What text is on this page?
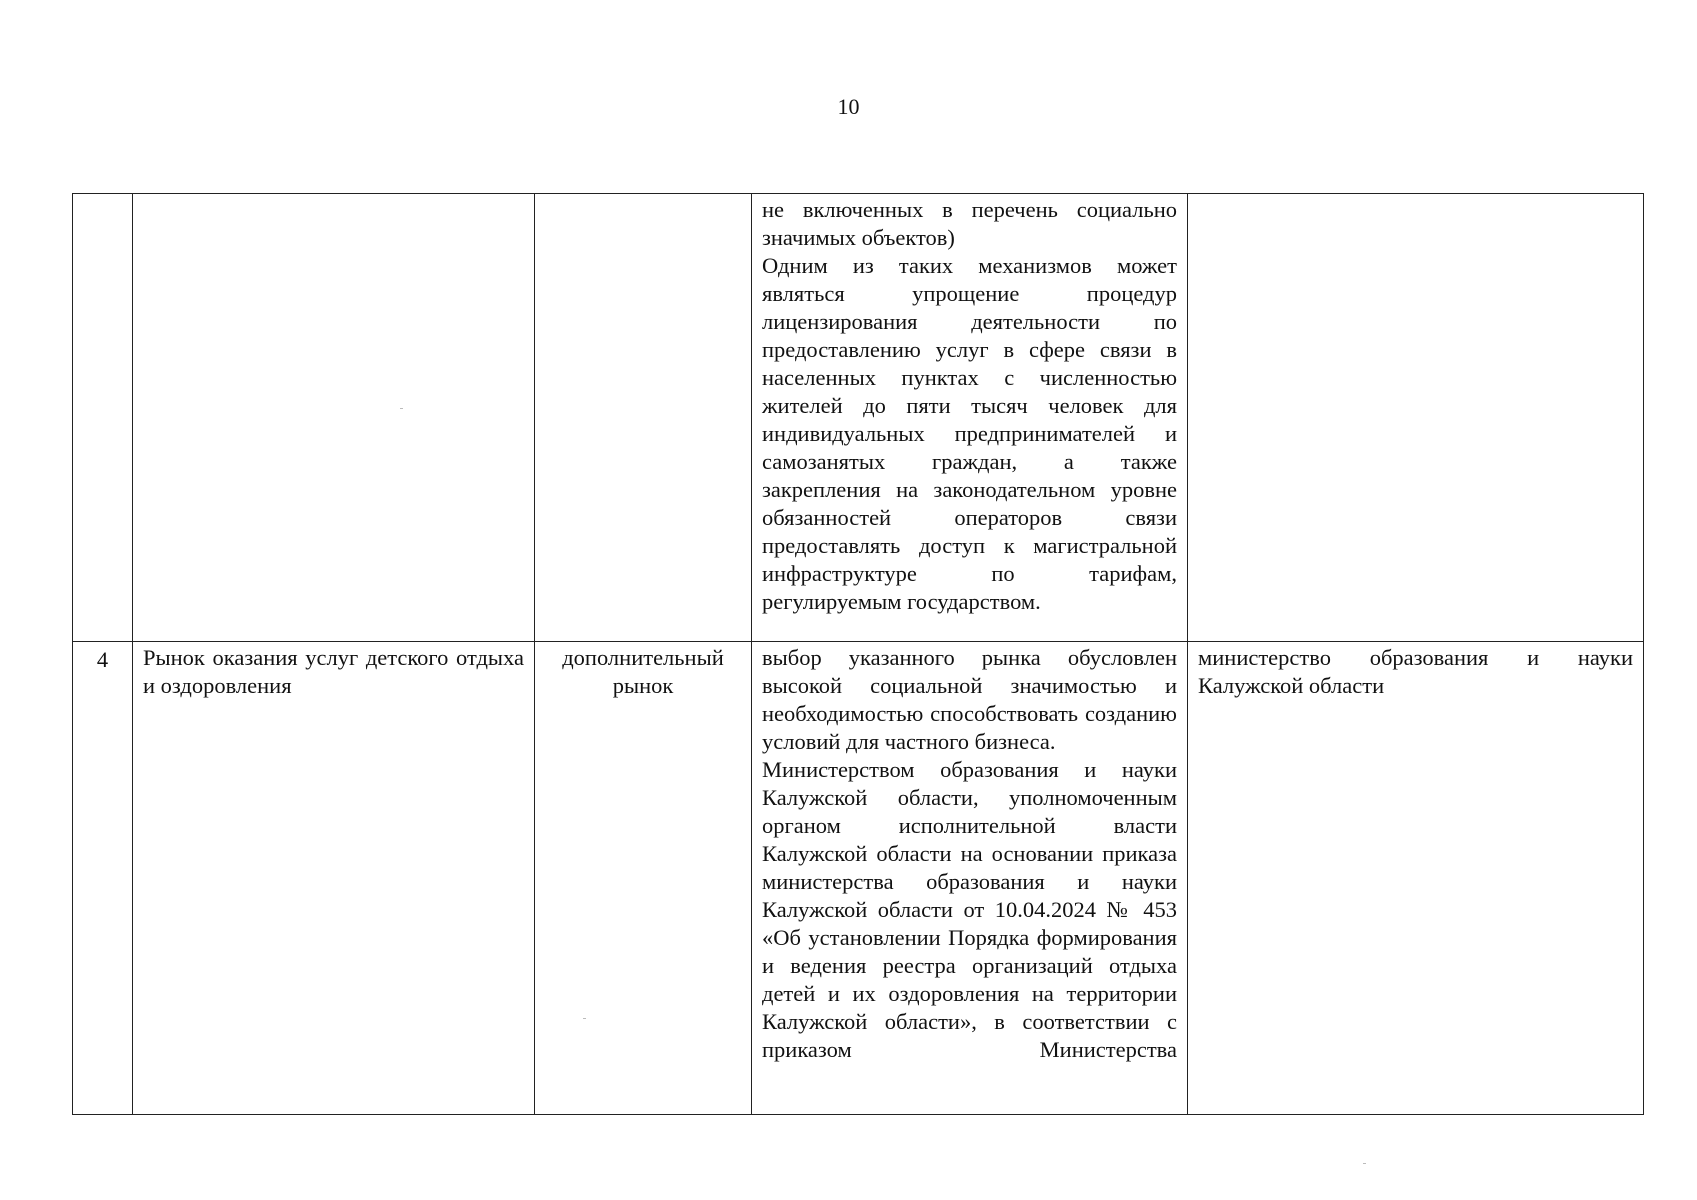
10

			не включенных в перечень социально значимых объектов)
Одним из таких механизмов может являться упрощение процедур лицензирования деятельности по предоставлению услуг в сфере связи в населенных пунктах с численностью жителей до пяти тысяч человек для индивидуальных предпринимателей и самозанятых граждан, а также закрепления на законодательном уровне обязанностей операторов связи предоставлять доступ к магистральной инфраструктуре по тарифам, регулируемым государством.	

4	Рынок оказания услуг детского отдыха и оздоровления	дополнительный рынок	выбор указанного рынка обусловлен высокой социальной значимостью и необходимостью способствовать созданию условий для частного бизнеса.
Министерством образования и науки Калужской области, уполномоченным органом исполнительной власти Калужской области на основании приказа министерства образования и науки Калужской области от 10.04.2024 № 453 «Об установлении Порядка формирования и ведения реестра организаций отдыха детей и их оздоровления на территории Калужской области», в соответствии с приказом Министерства	министерство образования и науки Калужской области
